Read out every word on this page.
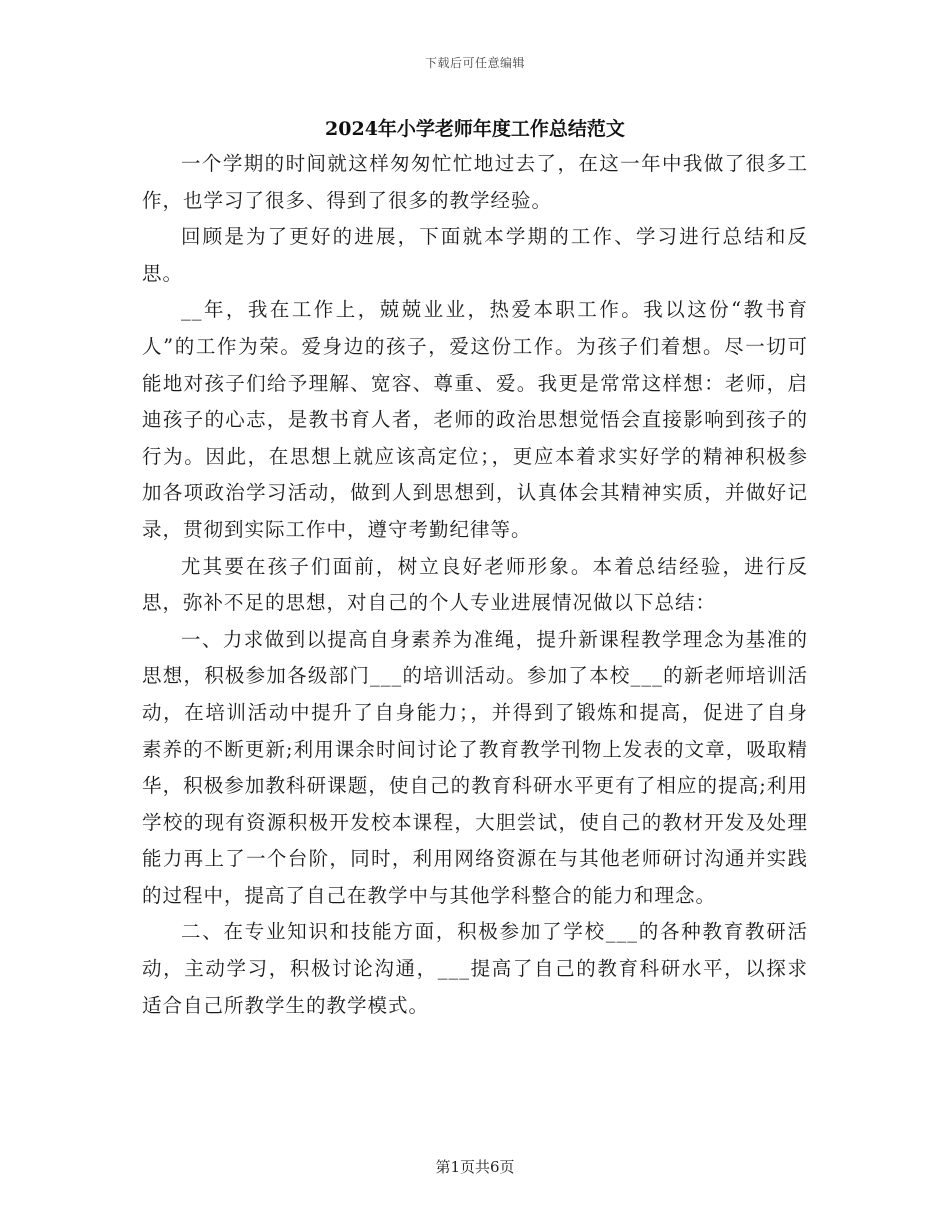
下载后可任意编辑
2024年小学老师年度工作总结范文

一个学期的时间就这样匆匆忙忙地过去了，在这一年中我做了很多工作，也学习了很多、得到了很多的教学经验。

回顾是为了更好的进展，下面就本学期的工作、学习进行总结和反思。

__年，我在工作上，兢兢业业，热爱本职工作。我以这份“教书育人”的工作为荣。爱身边的孩子，爱这份工作。为孩子们着想。尽一切可能地对孩子们给予理解、宽容、尊重、爱。我更是常常这样想：老师，启迪孩子的心志，是教书育人者，老师的政治思想觉悟会直接影响到孩子的行为。因此，在思想上就应该高定位；，更应本着求实好学的精神积极参加各项政治学习活动，做到人到思想到，认真体会其精神实质，并做好记录，贯彻到实际工作中，遵守考勤纪律等。

尤其要在孩子们面前，树立良好老师形象。本着总结经验，进行反思，弥补不足的思想，对自己的个人专业进展情况做以下总结：

一、力求做到以提高自身素养为准绳，提升新课程教学理念为基准的思想，积极参加各级部门___的培训活动。参加了本校___的新老师培训活动，在培训活动中提升了自身能力；，并得到了锻炼和提高，促进了自身素养的不断更新;利用课余时间讨论了教育教学刊物上发表的文章，吸取精华，积极参加教科研课题，使自己的教育科研水平更有了相应的提高;利用学校的现有资源积极开发校本课程，大胆尝试，使自己的教材开发及处理能力再上了一个台阶，同时，利用网络资源在与其他老师研讨沟通并实践的过程中，提高了自己在教学中与其他学科整合的能力和理念。

二、在专业知识和技能方面，积极参加了学校___的各种教育教研活动，主动学习，积极讨论沟通，___提高了自己的教育科研水平，以探求适合自己所教学生的教学模式。

第1页共6页
